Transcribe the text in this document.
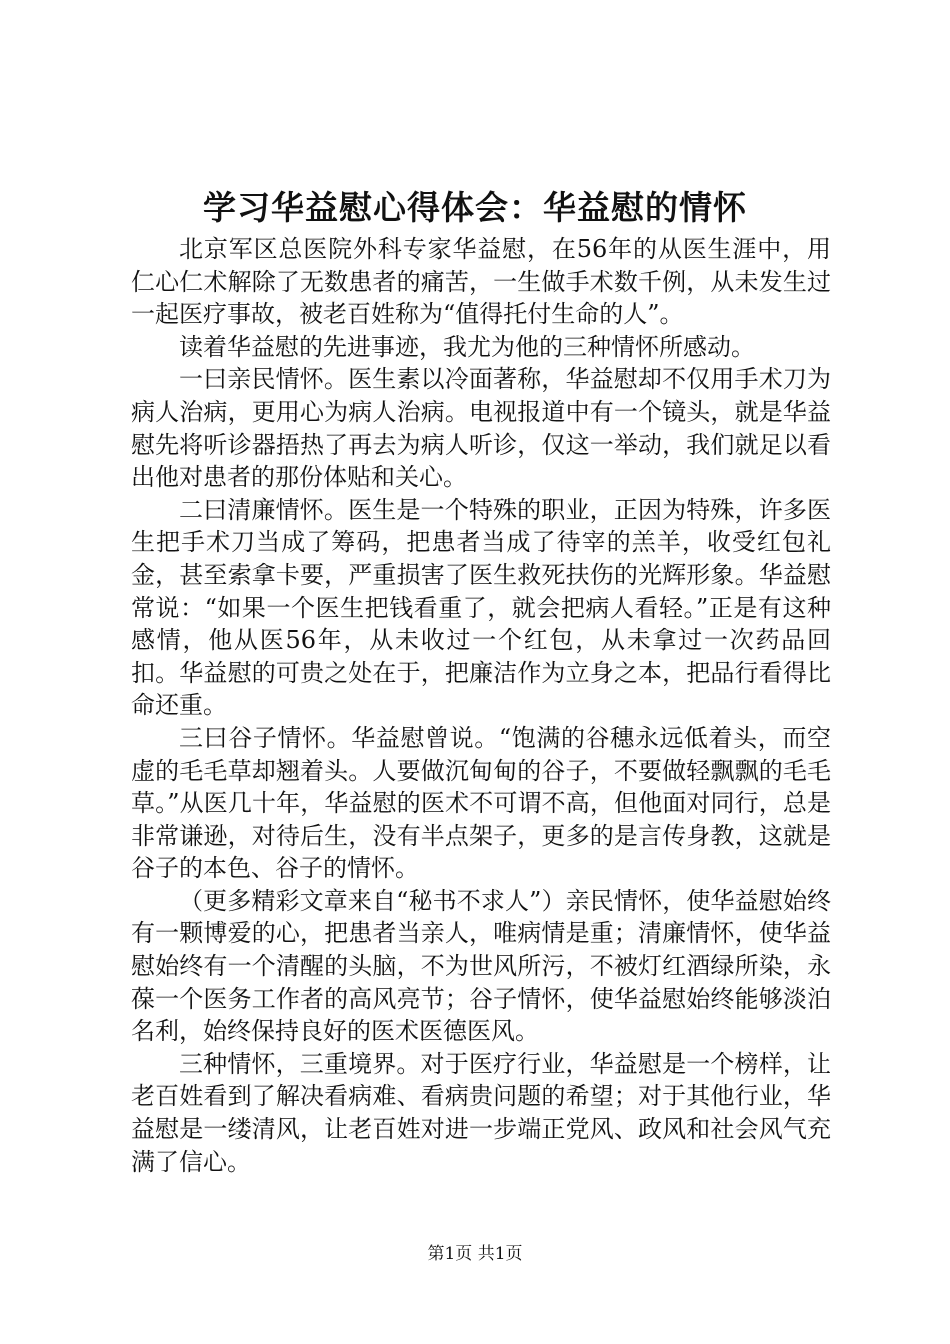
学习华益慰心得体会：华益慰的情怀

北京军区总医院外科专家华益慰，在56年的从医生涯中，用仁心仁术解除了无数患者的痛苦，一生做手术数千例，从未发生过一起医疗事故，被老百姓称为“值得托付生命的人”。

读着华益慰的先进事迹，我尤为他的三种情怀所感动。

一曰亲民情怀。医生素以冷面著称，华益慰却不仅用手术刀为病人治病，更用心为病人治病。电视报道中有一个镜头，就是华益慰先将听诊器捂热了再去为病人听诊，仅这一举动，我们就足以看出他对患者的那份体贴和关心。

二曰清廉情怀。医生是一个特殊的职业，正因为特殊，许多医生把手术刀当成了筹码，把患者当成了待宰的羔羊，收受红包礼金，甚至索拿卡要，严重损害了医生救死扶伤的光辉形象。华益慰常说：“如果一个医生把钱看重了，就会把病人看轻。”正是有这种感情，他从医56年，从未收过一个红包，从未拿过一次药品回扣。华益慰的可贵之处在于，把廉洁作为立身之本，把品行看得比命还重。

三曰谷子情怀。华益慰曾说。“饱满的谷穗永远低着头，而空虚的毛毛草却翘着头。人要做沉甸甸的谷子，不要做轻飘飘的毛毛草。”从医几十年，华益慰的医术不可谓不高，但他面对同行，总是非常谦逊，对待后生，没有半点架子，更多的是言传身教，这就是谷子的本色、谷子的情怀。

（更多精彩文章来自“秘书不求人”）亲民情怀，使华益慰始终有一颗博爱的心，把患者当亲人，唯病情是重；清廉情怀，使华益慰始终有一个清醒的头脑，不为世风所污，不被灯红酒绿所染，永葆一个医务工作者的高风亮节；谷子情怀，使华益慰始终能够淡泊名利，始终保持良好的医术医德医风。

三种情怀，三重境界。对于医疗行业，华益慰是一个榜样，让老百姓看到了解决看病难、看病贵问题的希望；对于其他行业，华益慰是一缕清风，让老百姓对进一步端正党风、政风和社会风气充满了信心。

第1页 共1页
